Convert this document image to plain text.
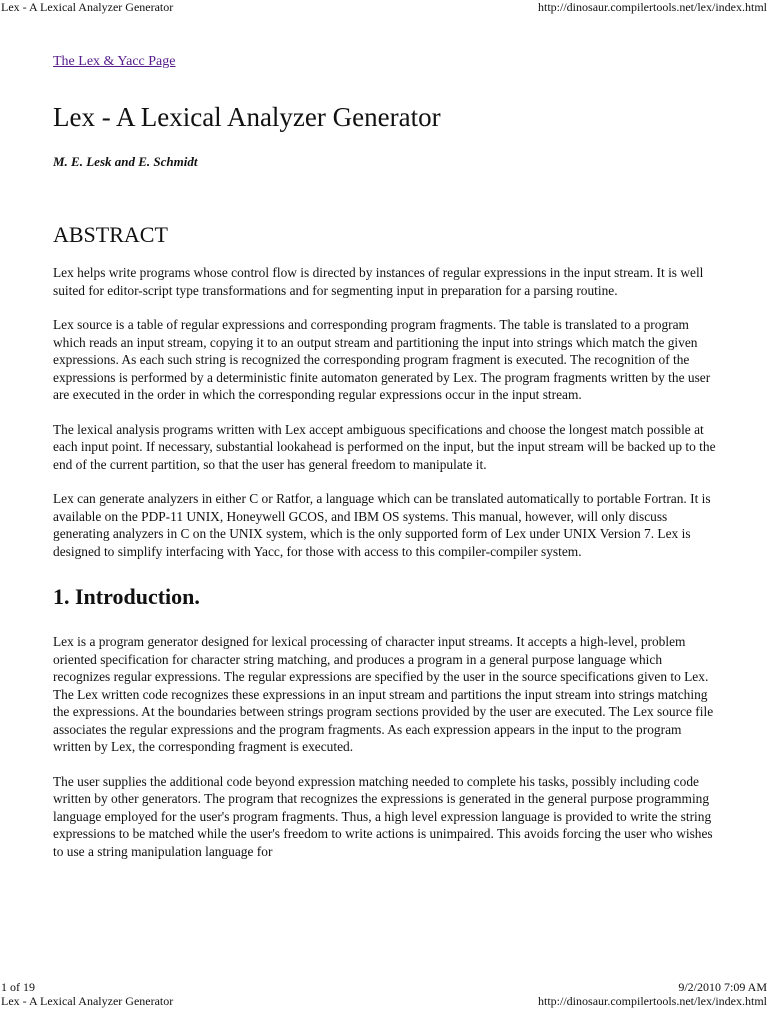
Lex - A Lexical Analyzer Generator	http://dinosaur.compilertools.net/lex/index.html
The Lex & Yacc Page
Lex - A Lexical Analyzer Generator
M. E. Lesk and E. Schmidt
ABSTRACT

Lex helps write programs whose control flow is directed by instances of regular expressions in the input stream. It is well suited for editor-script type transformations and for segmenting input in preparation for a parsing routine.

Lex source is a table of regular expressions and corresponding program fragments. The table is translated to a program which reads an input stream, copying it to an output stream and partitioning the input into strings which match the given expressions. As each such string is recognized the corresponding program fragment is executed. The recognition of the expressions is performed by a deterministic finite automaton generated by Lex. The program fragments written by the user are executed in the order in which the corresponding regular expressions occur in the input stream.

The lexical analysis programs written with Lex accept ambiguous specifications and choose the longest match possible at each input point. If necessary, substantial lookahead is performed on the input, but the input stream will be backed up to the end of the current partition, so that the user has general freedom to manipulate it.

Lex can generate analyzers in either C or Ratfor, a language which can be translated automatically to portable Fortran. It is available on the PDP-11 UNIX, Honeywell GCOS, and IBM OS systems. This manual, however, will only discuss generating analyzers in C on the UNIX system, which is the only supported form of Lex under UNIX Version 7. Lex is designed to simplify interfacing with Yacc, for those with access to this compiler-compiler system.

1. Introduction.

Lex is a program generator designed for lexical processing of character input streams. It accepts a high-level, problem oriented specification for character string matching, and produces a program in a general purpose language which recognizes regular expressions. The regular expressions are specified by the user in the source specifications given to Lex. The Lex written code recognizes these expressions in an input stream and partitions the input stream into strings matching the expressions. At the boundaries between strings program sections provided by the user are executed. The Lex source file associates the regular expressions and the program fragments. As each expression appears in the input to the program written by Lex, the corresponding fragment is executed.

The user supplies the additional code beyond expression matching needed to complete his tasks, possibly including code written by other generators. The program that recognizes the expressions is generated in the general purpose programming language employed for the user's program fragments. Thus, a high level expression language is provided to write the string expressions to be matched while the user's freedom to write actions is unimpaired. This avoids forcing the user who wishes to use a string manipulation language for

1 of 19	9/2/2010 7:09 AM
Lex - A Lexical Analyzer Generator	http://dinosaur.compilertools.net/lex/index.html
